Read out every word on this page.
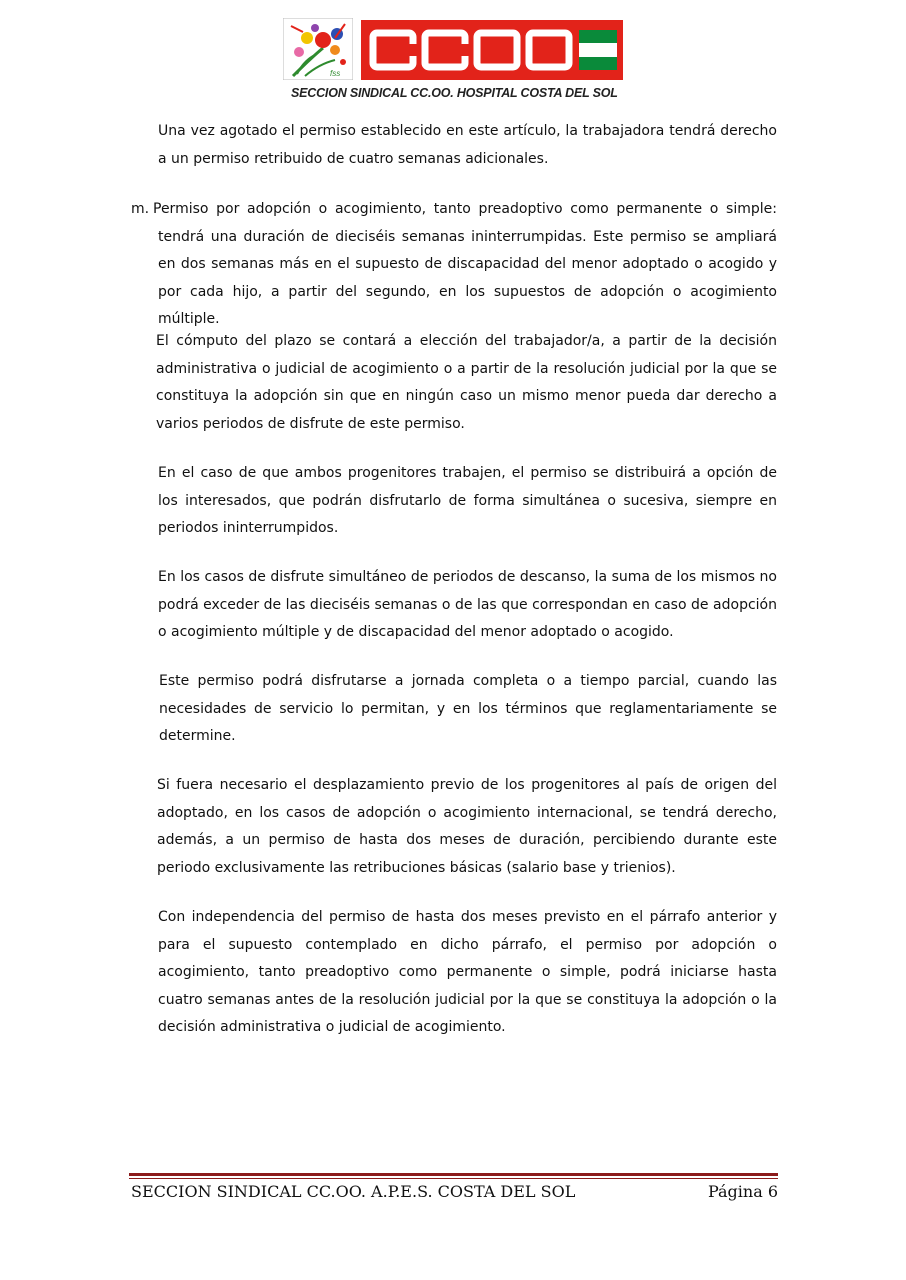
fss
SECCION SINDICAL CC.OO. HOSPITAL COSTA DEL SOL
Una vez agotado el permiso establecido en este artículo, la trabajadora tendrá derecho a un permiso retribuido de cuatro semanas adicionales.
m. Permiso por adopción o acogimiento, tanto preadoptivo como permanente o simple: tendrá una duración de dieciséis semanas ininterrumpidas. Este permiso se ampliará en dos semanas más en el supuesto de discapacidad del menor adoptado o acogido y por cada hijo, a partir del segundo, en los supuestos de adopción o acogimiento múltiple.
El cómputo del plazo se contará a elección del trabajador/a, a partir de la decisión administrativa o judicial de acogimiento o a partir de la resolución judicial por la que se constituya la adopción sin que en ningún caso un mismo menor pueda dar derecho a varios periodos de disfrute de este permiso.
En el caso de que ambos progenitores trabajen, el permiso se distribuirá a opción de los interesados, que podrán disfrutarlo de forma simultánea o sucesiva, siempre en periodos ininterrumpidos.
En los casos de disfrute simultáneo de periodos de descanso, la suma de los mismos no podrá exceder de las dieciséis semanas o de las que correspondan en caso de adopción o acogimiento múltiple y de discapacidad del menor adoptado o acogido.
Este permiso podrá disfrutarse a jornada completa o a tiempo parcial, cuando las necesidades de servicio lo permitan, y en los términos que reglamentariamente se determine.
Si fuera necesario el desplazamiento previo de los progenitores al país de origen del adoptado, en los casos de adopción o acogimiento internacional, se tendrá derecho, además, a un permiso de hasta dos meses de duración, percibiendo durante este periodo exclusivamente las retribuciones básicas (salario base y trienios).
Con independencia del permiso de hasta dos meses previsto en el párrafo anterior y para el supuesto contemplado en dicho párrafo, el permiso por adopción o acogimiento, tanto preadoptivo como permanente o simple, podrá iniciarse hasta cuatro semanas antes de la resolución judicial por la que se constituya la adopción o la decisión administrativa o judicial de acogimiento.
SECCION SINDICAL CC.OO. A.P.E.S. COSTA DEL SOL	Página 6
